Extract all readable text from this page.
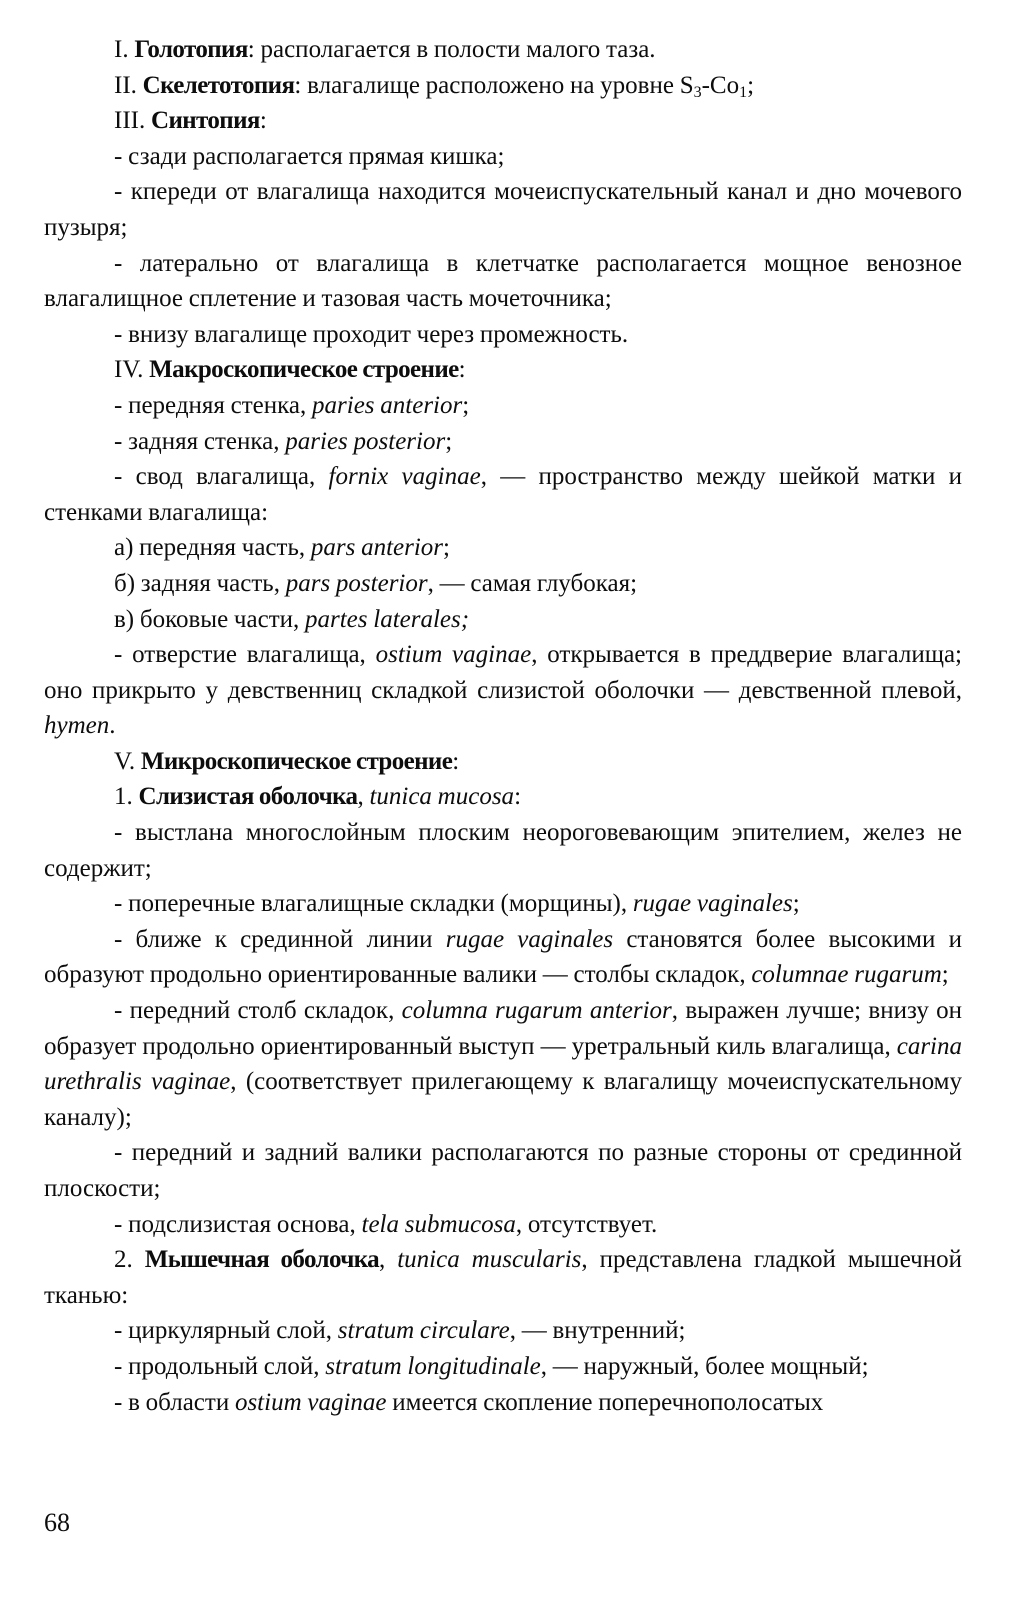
I. Голотопия: располагается в полости малого таза.

II. Скелетотопия: влагалище расположено на уровне $S_3-Co_1$;

III. Синтопия:

- сзади располагается прямая кишка;

- кпереди от влагалища находится мочеиспускательный канал и дно мочевого пузыря;

- латерально от влагалища в клетчатке располагается мощное венозное влагалищное сплетение и тазовая часть мочеточника;

- внизу влагалище проходит через промежность.

IV. Макроскопическое строение:

- передняя стенка, paries anterior;

- задняя стенка, paries posterior;

- свод влагалища, fornix vaginae, — пространство между шейкой матки и стенками влагалища:

а) передняя часть, pars anterior;

б) задняя часть, pars posterior, — самая глубокая;

в) боковые части, partes laterales;

- отверстие влагалища, ostium vaginae, открывается в преддверие влагалища; оно прикрыто у девственниц складкой слизистой оболочки — девственной плевой, hymen.

V. Микроскопическое строение:

1. Слизистая оболочка, tunica mucosa:

- выстлана многослойным плоским неороговевающим эпителием, желез не содержит;

- поперечные влагалищные складки (морщины), rugae vaginales;

- ближе к срединной линии rugae vaginales становятся более высокими и образуют продольно ориентированные валики — столбы складок, columnae rugarum;

- передний столб складок, columna rugarum anterior, выражен лучше; внизу он образует продольно ориентированный выступ — уретральный киль влагалища, carina urethralis vaginae, (соответствует прилегающему к влагалищу мочеиспускательному каналу);

- передний и задний валики располагаются по разные стороны от срединной плоскости;

- подслизистая основа, tela submucosa, отсутствует.

2. Мышечная оболочка, tunica muscularis, представлена гладкой мышечной тканью:

- циркулярный слой, stratum circulare, — внутренний;

- продольный слой, stratum longitudinale, — наружный, более мощный;

- в области ostium vaginae имеется скопление поперечнополосатых

68
